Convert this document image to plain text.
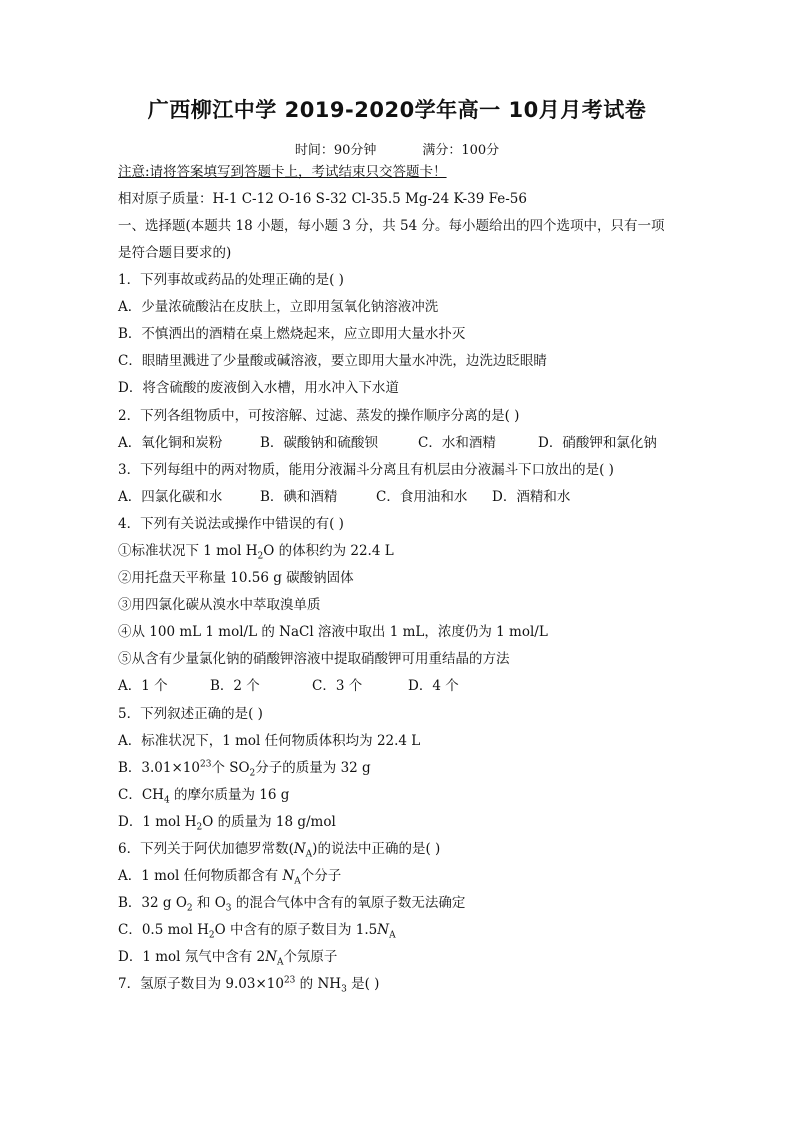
广西柳江中学 2019-2020学年高一 10月月考试卷
时间：90分钟	满分：100分
注意:请将答案填写到答题卡上，考试结束只交答题卡！
相对原子质量：H-1 C-12 O-16 S-32 Cl-35.5 Mg-24 K-39 Fe-56
一、选择题(本题共 18 小题，每小题 3 分，共 54 分。每小题给出的四个选项中，只有一项
是符合题目要求的)
1．下列事故或药品的处理正确的是( )
A．少量浓硫酸沾在皮肤上，立即用氢氧化钠溶液冲洗
B．不慎洒出的酒精在桌上燃烧起来，应立即用大量水扑灭
C．眼睛里溅进了少量酸或碱溶液，要立即用大量水冲洗，边洗边眨眼睛
D．将含硫酸的废液倒入水槽，用水冲入下水道
2．下列各组物质中，可按溶解、过滤、蒸发的操作顺序分离的是( )
A．氧化铜和炭粉	B．碳酸钠和硫酸钡	C．水和酒精	D．硝酸钾和氯化钠
3．下列每组中的两对物质，能用分液漏斗分离且有机层由分液漏斗下口放出的是( )
A．四氯化碳和水	B．碘和酒精	C．食用油和水 D．酒精和水
4．下列有关说法或操作中错误的有( )
①标准状况下 1 mol $H_2O$ 的体积约为 22.4 L
②用托盘天平称量 10.56 g 碳酸钠固体
③用四氯化碳从溴水中萃取溴单质
④从 100 mL 1 mol/L 的 NaCl 溶液中取出 1 mL，浓度仍为 1 mol/L
⑤从含有少量氯化钠的硝酸钾溶液中提取硝酸钾可用重结晶的方法
A．1 个	B．2 个	C．3 个	D．4 个
5．下列叙述正确的是( )
A．标准状况下，1 mol 任何物质体积均为 22.4 L
B．$3.01\times 10^{23}$个 $SO_2$分子的质量为 32 g
C．$CH_4$ 的摩尔质量为 16 g
D．1 mol $H_2O$ 的质量为 18 g/mol
6．下列关于阿伏加德罗常数$(N_A)$的说法中正确的是( )
A．1 mol 任何物质都含有 $N_A$个分子
B．32 g $O_2$ 和 $O_3$ 的混合气体中含有的氧原子数无法确定
C．0.5 mol $H_2O$ 中含有的原子数目为 $1.5N_A$
D．1 mol 氖气中含有 $2N_A$个氖原子
7．氢原子数目为 $9.03\times 10^{23}$ 的 $NH_3$ 是( )
